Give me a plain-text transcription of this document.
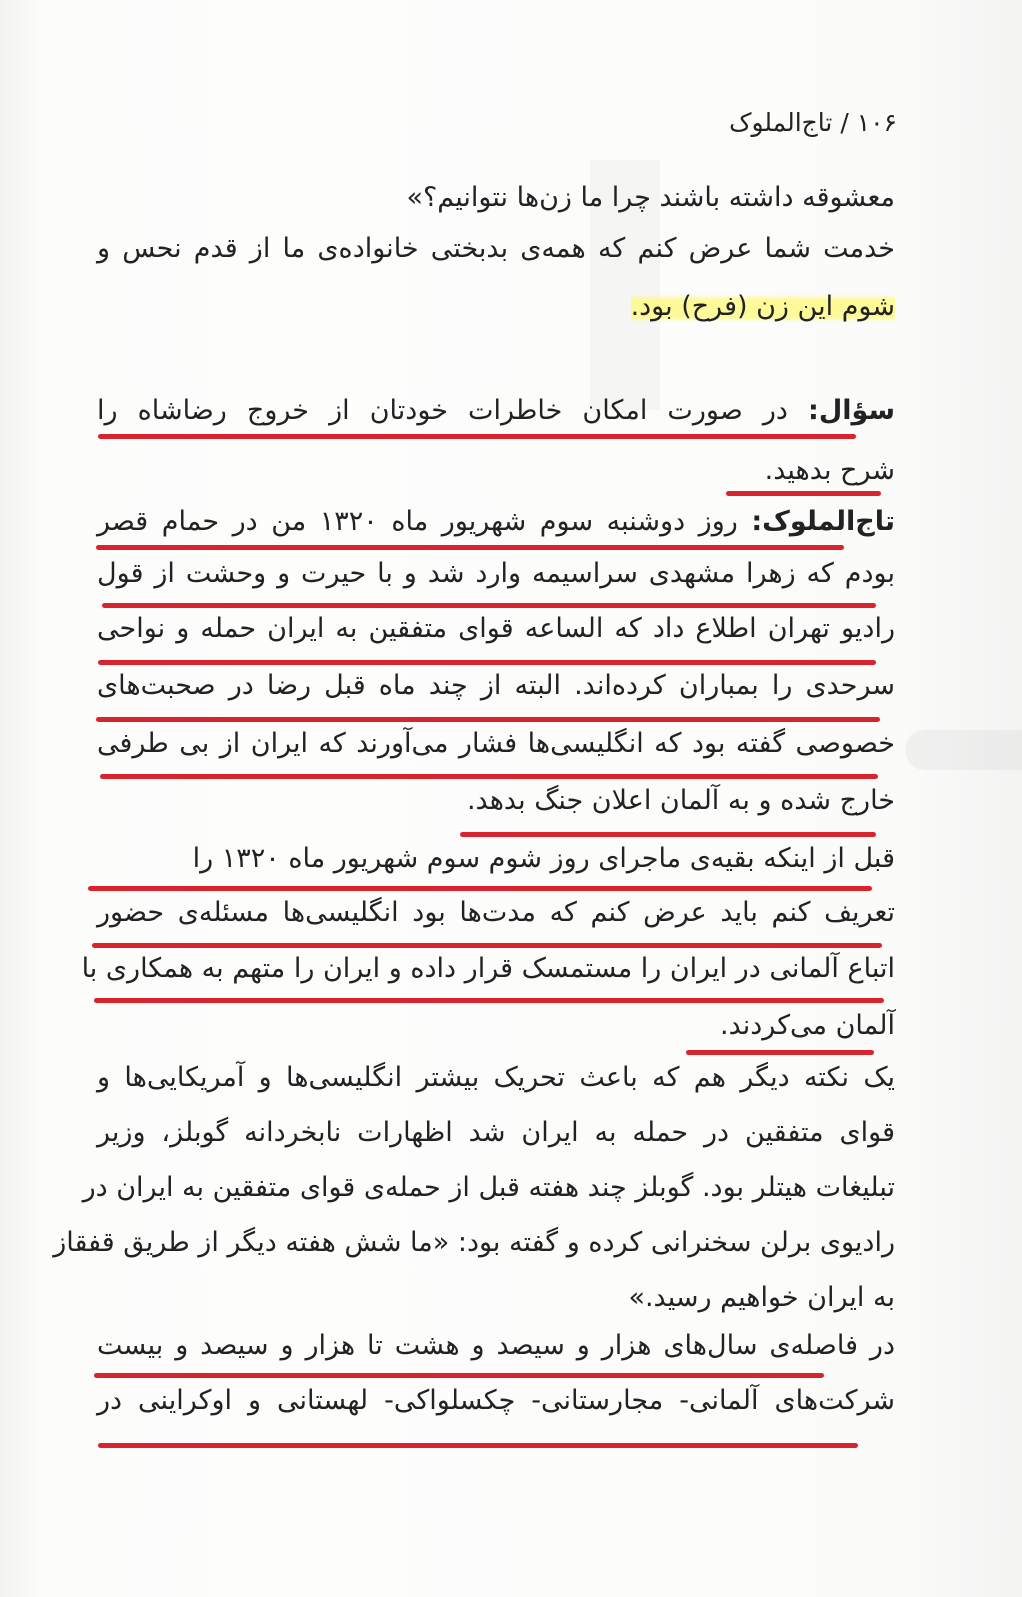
۱۰۶ / تاج‌الملوک
معشوقه داشته باشند چرا ما زن‌ها نتوانیم؟»
خدمت شما عرض کنم که همه‌ی بدبختی خانواده‌ی ما از قدم نحس و
شوم این زن (فرح) بود.
سؤال: در صورت امکان خاطرات خودتان از خروج رضاشاه را
شرح بدهید.
تاج‌الملوک: روز دوشنبه سوم شهریور ماه ۱۳۲۰ من در حمام قصر
بودم که زهرا مشهدی سراسیمه وارد شد و با حیرت و وحشت از قول
رادیو تهران اطلاع داد که الساعه قوای متفقین به ایران حمله و نواحی
سرحدی را بمباران کرده‌اند. البته از چند ماه قبل رضا در صحبت‌های
خصوصی گفته بود که انگلیسی‌ها فشار می‌آورند که ایران از بی طرفی
خارج شده و به آلمان اعلان جنگ بدهد.
قبل از اینکه بقیه‌ی ماجرای روز شوم سوم شهریور ماه ۱۳۲۰ را
تعریف کنم باید عرض کنم که مدت‌ها بود انگلیسی‌ها مسئله‌ی حضور
اتباع آلمانی در ایران را مستمسک قرار داده و ایران را متهم به همکاری با
آلمان می‌کردند.
یک نکته دیگر هم که باعث تحریک بیشتر انگلیسی‌ها و آمریکایی‌ها و
قوای متفقین در حمله به ایران شد اظهارات نابخردانه گوبلز، وزیر
تبلیغات هیتلر بود. گوبلز چند هفته قبل از حمله‌ی قوای متفقین به ایران در
رادیوی برلن سخنرانی کرده و گفته بود: «ما شش هفته دیگر از طریق قفقاز
به ایران خواهیم رسید.»
در فاصله‌ی سال‌های هزار و سیصد و هشت تا هزار و سیصد و بیست
شرکت‌های آلمانی- مجارستانی- چکسلواکی- لهستانی و اوکراینی در
